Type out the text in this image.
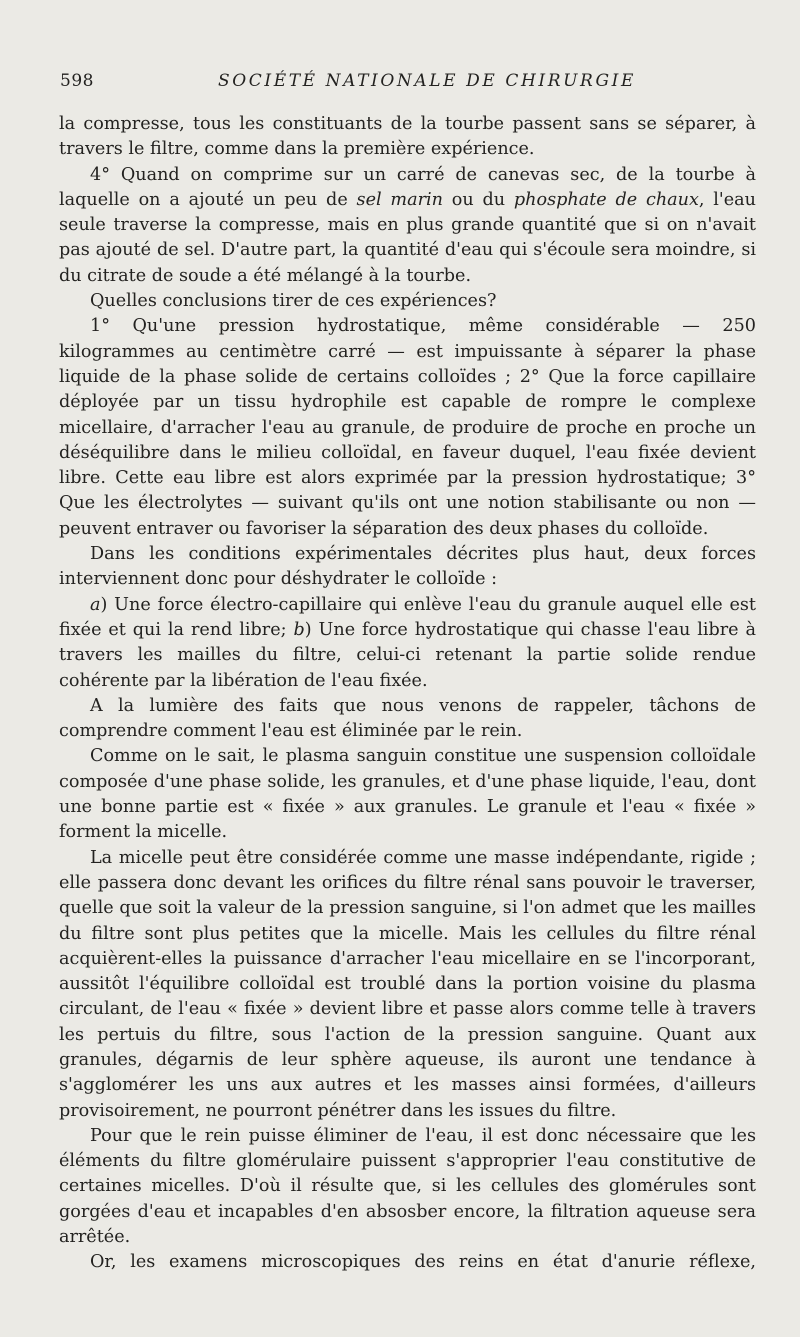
598	SOCIÉTÉ NATIONALE DE CHIRURGIE

la compresse, tous les constituants de la tourbe passent sans se séparer, à travers le filtre, comme dans la première expérience.

4° Quand on comprime sur un carré de canevas sec, de la tourbe à laquelle on a ajouté un peu de sel marin ou du phosphate de chaux, l'eau seule traverse la compresse, mais en plus grande quantité que si on n'avait pas ajouté de sel. D'autre part, la quantité d'eau qui s'écoule sera moindre, si du citrate de soude a été mélangé à la tourbe.

Quelles conclusions tirer de ces expériences?

1° Qu'une pression hydrostatique, même considérable — 250 kilogrammes au centimètre carré — est impuissante à séparer la phase liquide de la phase solide de certains colloïdes ; 2° Que la force capillaire déployée par un tissu hydrophile est capable de rompre le complexe micellaire, d'arracher l'eau au granule, de produire de proche en proche un déséquilibre dans le milieu colloïdal, en faveur duquel, l'eau fixée devient libre. Cette eau libre est alors exprimée par la pression hydrostatique; 3° Que les électrolytes — suivant qu'ils ont une notion stabilisante ou non — peuvent entraver ou favoriser la séparation des deux phases du colloïde.

Dans les conditions expérimentales décrites plus haut, deux forces interviennent donc pour déshydrater le colloïde :

a) Une force électro-capillaire qui enlève l'eau du granule auquel elle est fixée et qui la rend libre; b) Une force hydrostatique qui chasse l'eau libre à travers les mailles du filtre, celui-ci retenant la partie solide rendue cohérente par la libération de l'eau fixée.

A la lumière des faits que nous venons de rappeler, tâchons de comprendre comment l'eau est éliminée par le rein.

Comme on le sait, le plasma sanguin constitue une suspension colloïdale composée d'une phase solide, les granules, et d'une phase liquide, l'eau, dont une bonne partie est « fixée » aux granules. Le granule et l'eau « fixée » forment la micelle.

La micelle peut être considérée comme une masse indépendante, rigide ; elle passera donc devant les orifices du filtre rénal sans pouvoir le traverser, quelle que soit la valeur de la pression sanguine, si l'on admet que les mailles du filtre sont plus petites que la micelle. Mais les cellules du filtre rénal acquièrent-elles la puissance d'arracher l'eau micellaire en se l'incorporant, aussitôt l'équilibre colloïdal est troublé dans la portion voisine du plasma circulant, de l'eau « fixée » devient libre et passe alors comme telle à travers les pertuis du filtre, sous l'action de la pression sanguine. Quant aux granules, dégarnis de leur sphère aqueuse, ils auront une tendance à s'agglomérer les uns aux autres et les masses ainsi formées, d'ailleurs provisoirement, ne pourront pénétrer dans les issues du filtre.

Pour que le rein puisse éliminer de l'eau, il est donc nécessaire que les éléments du filtre glomérulaire puissent s'approprier l'eau constitutive de certaines micelles. D'où il résulte que, si les cellules des glomérules sont gorgées d'eau et incapables d'en absosber encore, la filtration aqueuse sera arrêtée.

Or, les examens microscopiques des reins en état d'anurie réflexe,
